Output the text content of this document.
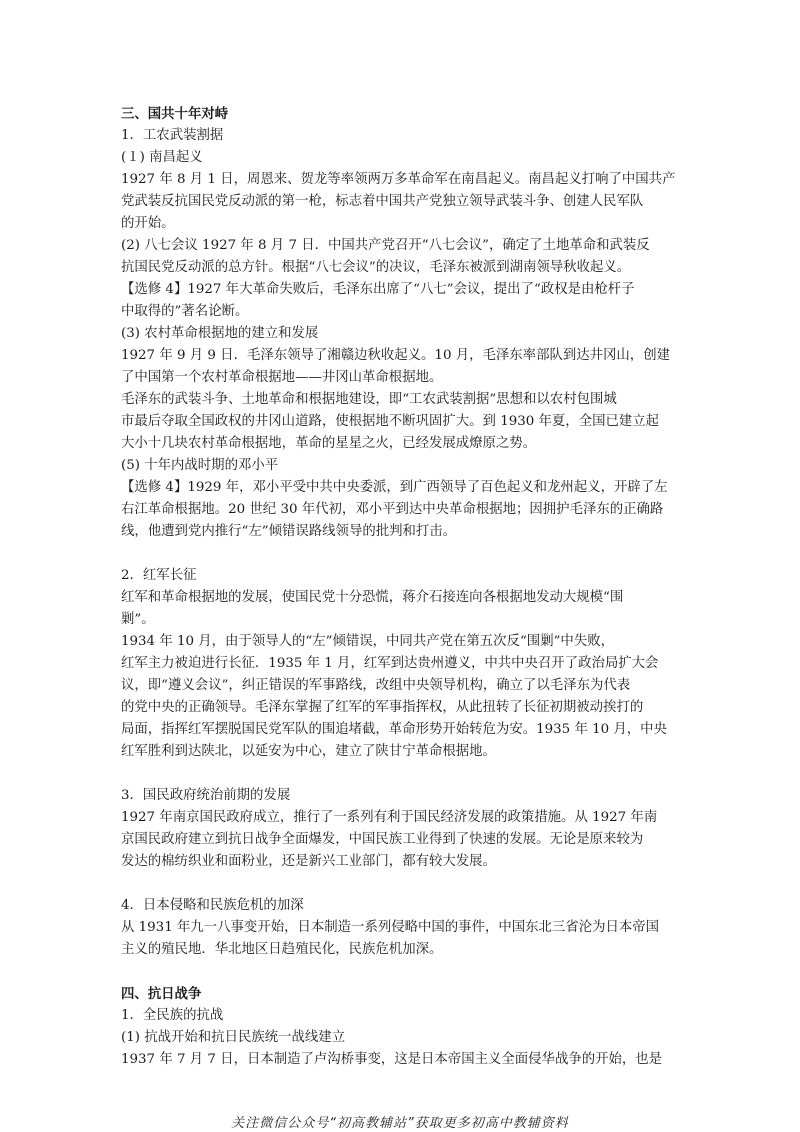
三、国共十年对峙
1．工农武装割据
(１) 南昌起义
1927 年 8 月 1 日，周恩来、贺龙等率领两万多革命军在南昌起义。南昌起义打响了中国共产
党武装反抗国民党反动派的第一枪，标志着中国共产党独立领导武装斗争、创建人民军队
的开始。
(2) 八七会议 1927 年 8 月 7 日．中国共产党召开“八七会议”，确定了土地革命和武装反
抗国民党反动派的总方针。根据“八七会议”的决议，毛泽东被派到湖南领导秋收起义。
【选修 4】1927 年大革命失败后，毛泽东出席了“八七”会议，提出了“政权是由枪杆子
中取得的”著名论断。
(3) 农村革命根据地的建立和发展
1927 年 9 月 9 日．毛泽东领导了湘赣边秋收起义。10 月，毛泽东率部队到达井冈山，创建
了中国第一个农村革命根据地——井冈山革命根据地。
毛泽东的武装斗争、土地革命和根据地建设，即“工农武装割据”思想和以农村包围城
市最后夺取全国政权的井冈山道路，使根据地不断巩固扩大。到 1930 年夏，全国已建立起
大小十几块农村革命根据地，革命的星星之火，已经发展成燎原之势。
(5) 十年内战时期的邓小平
【选修 4】1929 年，邓小平受中共中央委派，到广西领导了百色起义和龙州起义，开辟了左
右江革命根据地。20 世纪 30 年代初，邓小平到达中央革命根据地；因拥护毛泽东的正确路
线，他遭到党内推行“左”倾错误路线领导的批判和打击。
2．红军长征
红军和革命根据地的发展，使国民党十分恐慌，蒋介石接连向各根据地发动大规模“围
剿”。
1934 年 10 月，由于领导人的“左”倾错误，中同共产党在第五次反“围剿”中失败，
红军主力被迫进行长征．1935 年 1 月，红军到达贵州遵义，中共中央召开了政治局扩大会
议，即“遵义会议”，纠正错误的军事路线，改组中央领导机构，确立了以毛泽东为代表
的党中央的正确领导。毛泽东掌握了红军的军事指挥权，从此扭转了长征初期被动挨打的
局面，指挥红军摆脱国民党军队的围追堵截，革命形势开始转危为安。1935 年 10 月，中央
红军胜利到达陕北，以延安为中心，建立了陕甘宁革命根据地。
3．国民政府统治前期的发展
1927 年南京国民政府成立，推行了一系列有利于国民经济发展的政策措施。从 1927 年南
京国民政府建立到抗日战争全面爆发，中国民族工业得到了快速的发展。无论是原来较为
发达的棉纺织业和面粉业，还是新兴工业部门，都有较大发展。
4．日本侵略和民族危机的加深
从 1931 年九一八事变开始，日本制造一系列侵略中国的事件，中国东北三省沦为日本帝国
主义的殖民地．华北地区日趋殖民化，民族危机加深。
四、抗日战争
1．全民族的抗战
(1) 抗战开始和抗日民族统一战线建立
1937 年 7 月 7 日，日本制造了卢沟桥事变，这是日本帝国主义全面侵华战争的开始，也是
关注微信公众号“初高教辅站”获取更多初高中教辅资料
